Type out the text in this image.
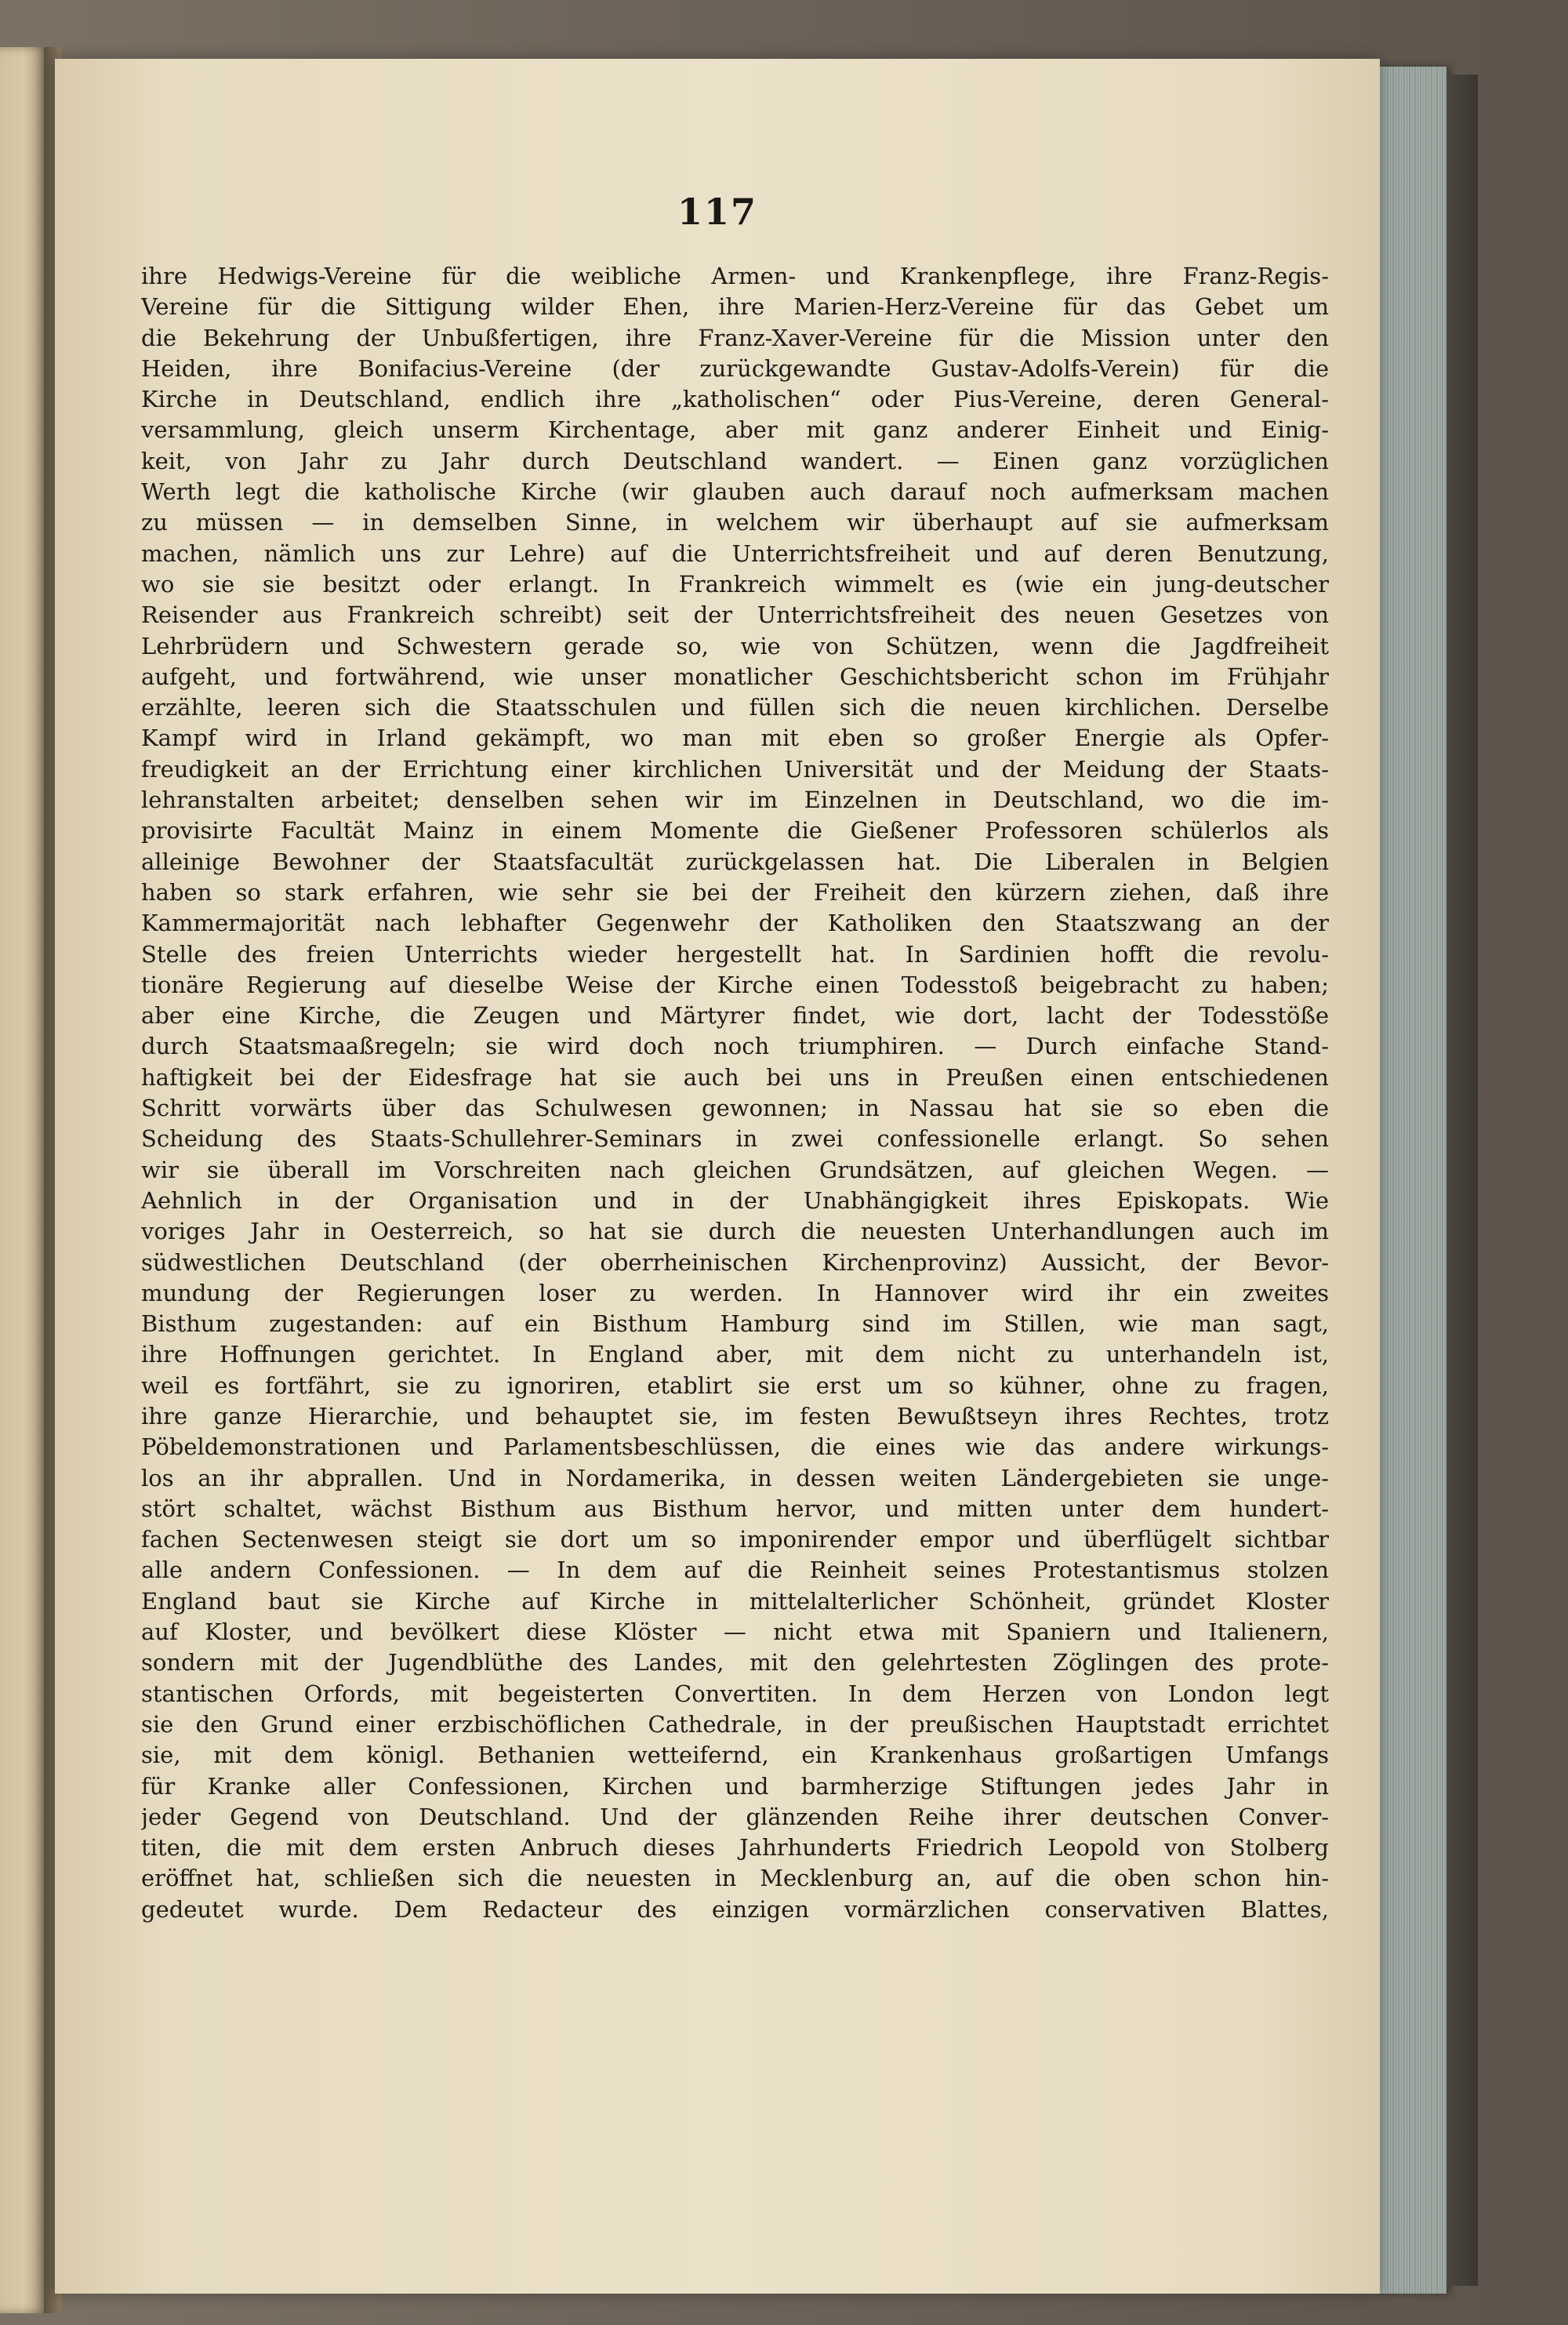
117
ihre Hedwigs-Vereine für die weibliche Armen- und Krankenpflege, ihre Franz-Regis-
Vereine für die Sittigung wilder Ehen, ihre Marien-Herz-Vereine für das Gebet um
die Bekehrung der Unbußfertigen, ihre Franz-Xaver-Vereine für die Mission unter den
Heiden, ihre Bonifacius-Vereine (der zurückgewandte Gustav-Adolfs-Verein) für die
Kirche in Deutschland, endlich ihre „katholischen“ oder Pius-Vereine, deren General-
versammlung, gleich unserm Kirchentage, aber mit ganz anderer Einheit und Einig-
keit, von Jahr zu Jahr durch Deutschland wandert. — Einen ganz vorzüglichen
Werth legt die katholische Kirche (wir glauben auch darauf noch aufmerksam machen
zu müssen — in demselben Sinne, in welchem wir überhaupt auf sie aufmerksam
machen, nämlich uns zur Lehre) auf die Unterrichtsfreiheit und auf deren Benutzung,
wo sie sie besitzt oder erlangt. In Frankreich wimmelt es (wie ein jung-deutscher
Reisender aus Frankreich schreibt) seit der Unterrichtsfreiheit des neuen Gesetzes von
Lehrbrüdern und Schwestern gerade so, wie von Schützen, wenn die Jagdfreiheit
aufgeht, und fortwährend, wie unser monatlicher Geschichtsbericht schon im Frühjahr
erzählte, leeren sich die Staatsschulen und füllen sich die neuen kirchlichen. Derselbe
Kampf wird in Irland gekämpft, wo man mit eben so großer Energie als Opfer-
freudigkeit an der Errichtung einer kirchlichen Universität und der Meidung der Staats-
lehranstalten arbeitet; denselben sehen wir im Einzelnen in Deutschland, wo die im-
provisirte Facultät Mainz in einem Momente die Gießener Professoren schülerlos als
alleinige Bewohner der Staatsfacultät zurückgelassen hat. Die Liberalen in Belgien
haben so stark erfahren, wie sehr sie bei der Freiheit den kürzern ziehen, daß ihre
Kammermajorität nach lebhafter Gegenwehr der Katholiken den Staatszwang an der
Stelle des freien Unterrichts wieder hergestellt hat. In Sardinien hofft die revolu-
tionäre Regierung auf dieselbe Weise der Kirche einen Todesstoß beigebracht zu haben;
aber eine Kirche, die Zeugen und Märtyrer findet, wie dort, lacht der Todesstöße
durch Staatsmaaßregeln; sie wird doch noch triumphiren. — Durch einfache Stand-
haftigkeit bei der Eidesfrage hat sie auch bei uns in Preußen einen entschiedenen
Schritt vorwärts über das Schulwesen gewonnen; in Nassau hat sie so eben die
Scheidung des Staats-Schullehrer-Seminars in zwei confessionelle erlangt. So sehen
wir sie überall im Vorschreiten nach gleichen Grundsätzen, auf gleichen Wegen. —
Aehnlich in der Organisation und in der Unabhängigkeit ihres Episkopats. Wie
voriges Jahr in Oesterreich, so hat sie durch die neuesten Unterhandlungen auch im
südwestlichen Deutschland (der oberrheinischen Kirchenprovinz) Aussicht, der Bevor-
mundung der Regierungen loser zu werden. In Hannover wird ihr ein zweites
Bisthum zugestanden: auf ein Bisthum Hamburg sind im Stillen, wie man sagt,
ihre Hoffnungen gerichtet. In England aber, mit dem nicht zu unterhandeln ist,
weil es fortfährt, sie zu ignoriren, etablirt sie erst um so kühner, ohne zu fragen,
ihre ganze Hierarchie, und behauptet sie, im festen Bewußtseyn ihres Rechtes, trotz
Pöbeldemonstrationen und Parlamentsbeschlüssen, die eines wie das andere wirkungs-
los an ihr abprallen. Und in Nordamerika, in dessen weiten Ländergebieten sie unge-
stört schaltet, wächst Bisthum aus Bisthum hervor, und mitten unter dem hundert-
fachen Sectenwesen steigt sie dort um so imponirender empor und überflügelt sichtbar
alle andern Confessionen. — In dem auf die Reinheit seines Protestantismus stolzen
England baut sie Kirche auf Kirche in mittelalterlicher Schönheit, gründet Kloster
auf Kloster, und bevölkert diese Klöster — nicht etwa mit Spaniern und Italienern,
sondern mit der Jugendblüthe des Landes, mit den gelehrtesten Zöglingen des prote-
stantischen Orfords, mit begeisterten Convertiten. In dem Herzen von London legt
sie den Grund einer erzbischöflichen Cathedrale, in der preußischen Hauptstadt errichtet
sie, mit dem königl. Bethanien wetteifernd, ein Krankenhaus großartigen Umfangs
für Kranke aller Confessionen, Kirchen und barmherzige Stiftungen jedes Jahr in
jeder Gegend von Deutschland. Und der glänzenden Reihe ihrer deutschen Conver-
titen, die mit dem ersten Anbruch dieses Jahrhunderts Friedrich Leopold von Stolberg
eröffnet hat, schließen sich die neuesten in Mecklenburg an, auf die oben schon hin-
gedeutet wurde. Dem Redacteur des einzigen vormärzlichen conservativen Blattes,
